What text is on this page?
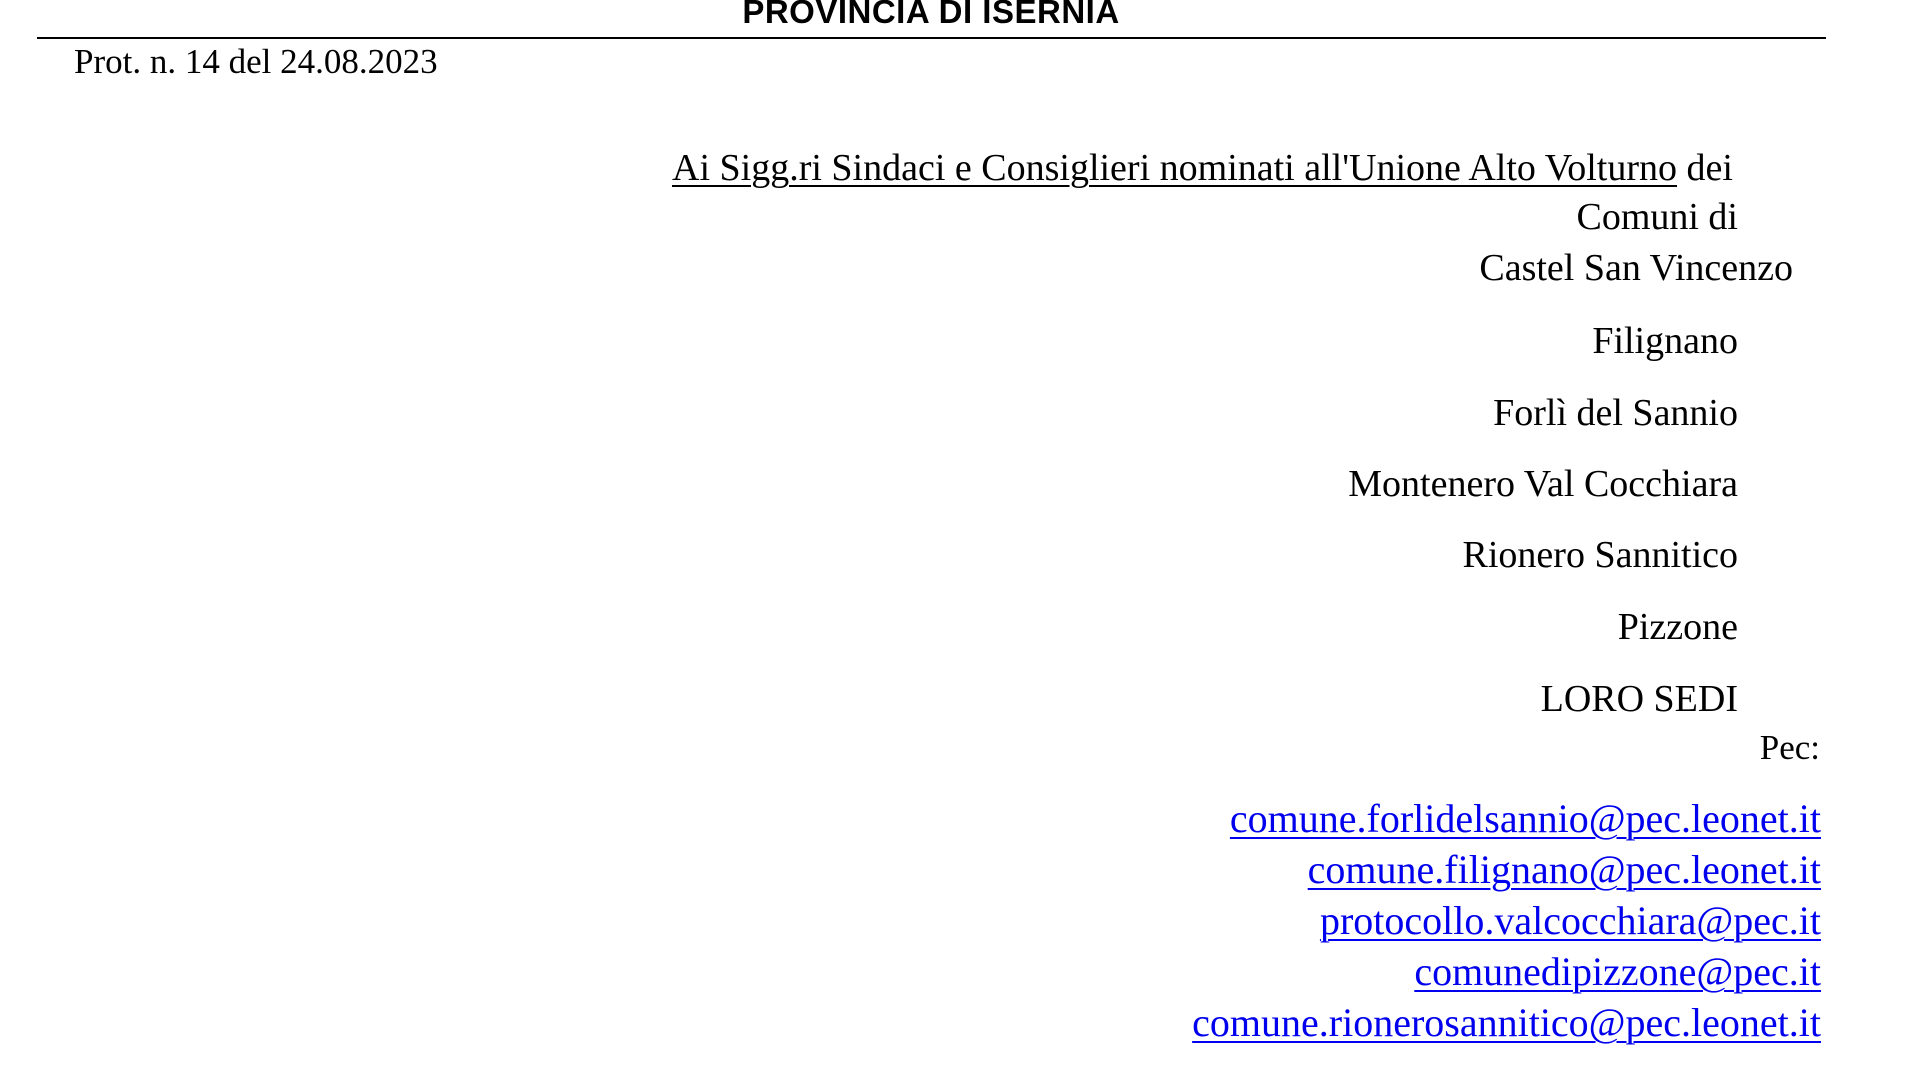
PROVINCIA DI ISERNIA
Prot. n. 14 del 24.08.2023
Ai Sigg.ri Sindaci e Consiglieri nominati all'Unione Alto Volturno dei
Comuni di
Castel San Vincenzo
Filignano
Forlì del Sannio
Montenero Val Cocchiara
Rionero Sannitico
Pizzone
LORO SEDI
Pec:
comune.forlidelsannio@pec.leonet.it
comune.filignano@pec.leonet.it
protocollo.valcocchiara@pec.it
comunedipizzone@pec.it
comune.rionerosannitico@pec.leonet.it
